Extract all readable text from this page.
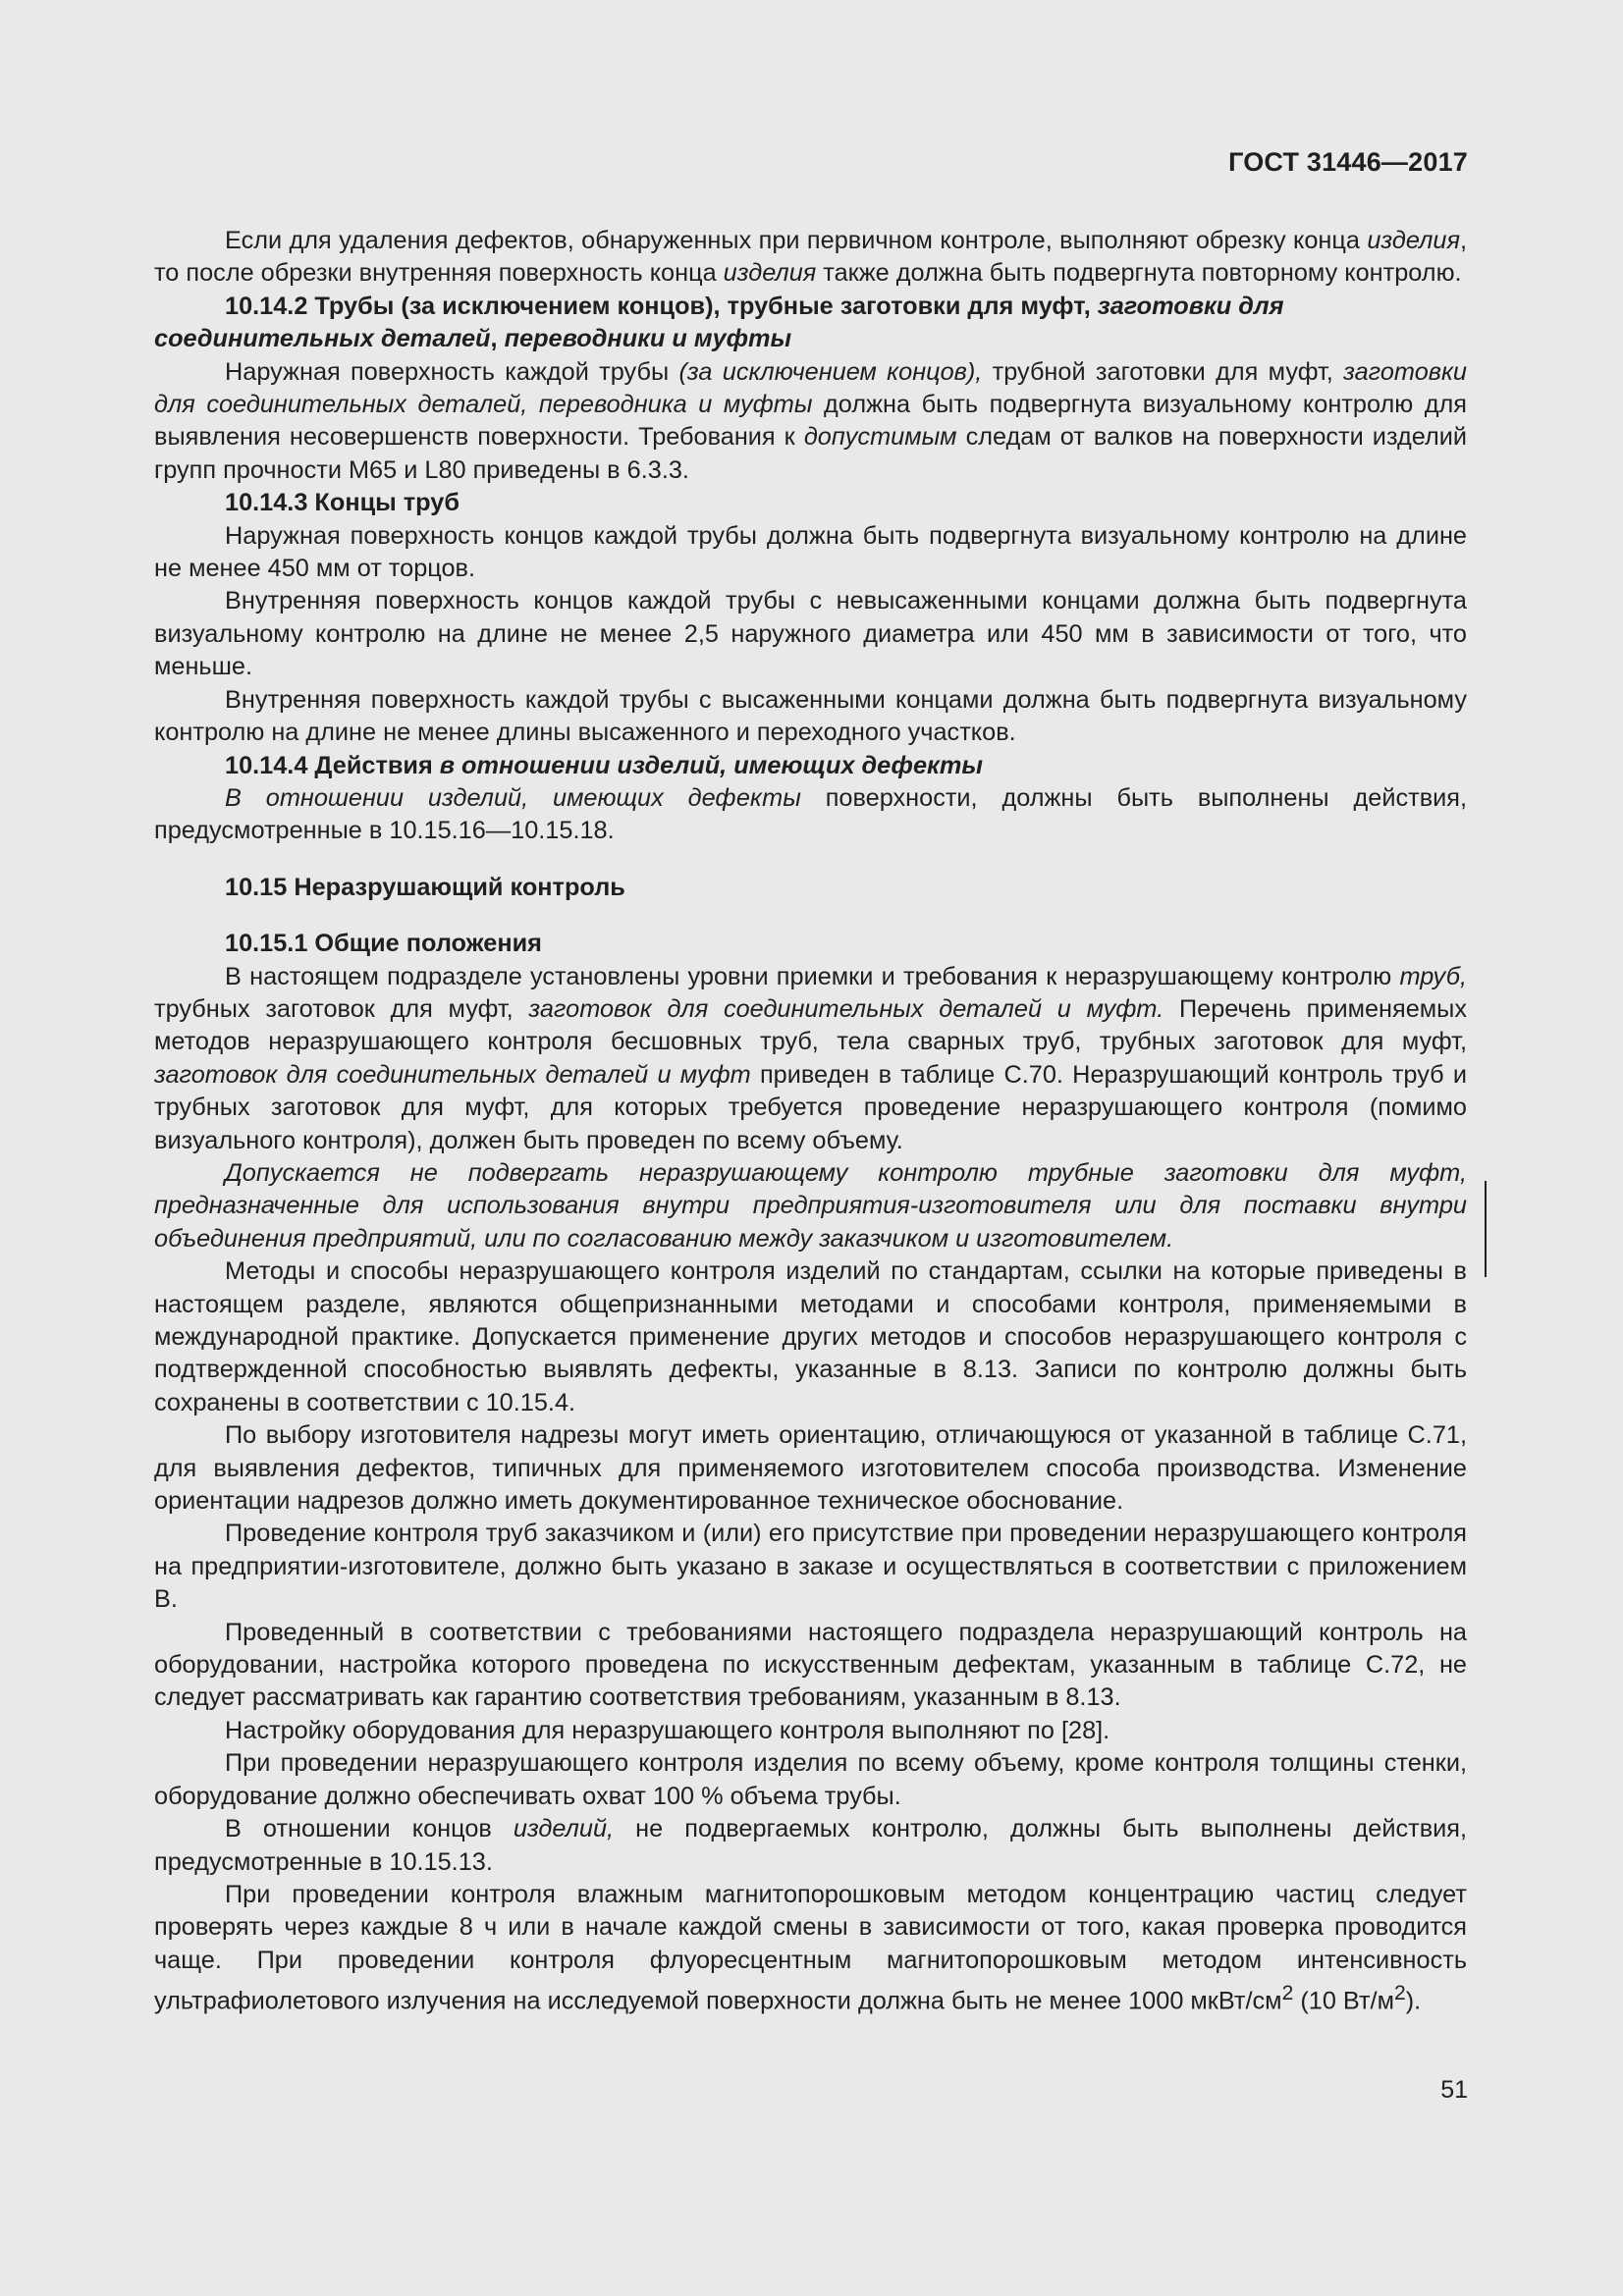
ГОСТ 31446—2017

Если для удаления дефектов, обнаруженных при первичном контроле, выполняют обрезку конца изделия, то после обрезки внутренняя поверхность конца изделия также должна быть подвергнута повторному контролю.

10.14.2 Трубы (за исключением концов), трубные заготовки для муфт, заготовки для соединительных деталей, переводники и муфты

Наружная поверхность каждой трубы (за исключением концов), трубной заготовки для муфт, заготовки для соединительных деталей, переводника и муфты должна быть подвергнута визуальному контролю для выявления несовершенств поверхности. Требования к допустимым следам от валков на поверхности изделий групп прочности M65 и L80 приведены в 6.3.3.

10.14.3 Концы труб

Наружная поверхность концов каждой трубы должна быть подвергнута визуальному контролю на длине не менее 450 мм от торцов.

Внутренняя поверхность концов каждой трубы с невысаженными концами должна быть подвергнута визуальному контролю на длине не менее 2,5 наружного диаметра или 450 мм в зависимости от того, что меньше.

Внутренняя поверхность каждой трубы с высаженными концами должна быть подвергнута визуальному контролю на длине не менее длины высаженного и переходного участков.

10.14.4 Действия в отношении изделий, имеющих дефекты

В отношении изделий, имеющих дефекты поверхности, должны быть выполнены действия, предусмотренные в 10.15.16—10.15.18.

10.15 Неразрушающий контроль

10.15.1 Общие положения

В настоящем подразделе установлены уровни приемки и требования к неразрушающему контролю труб, трубных заготовок для муфт, заготовок для соединительных деталей и муфт. Перечень применяемых методов неразрушающего контроля бесшовных труб, тела сварных труб, трубных заготовок для муфт, заготовок для соединительных деталей и муфт приведен в таблице С.70. Неразрушающий контроль труб и трубных заготовок для муфт, для которых требуется проведение неразрушающего контроля (помимо визуального контроля), должен быть проведен по всему объему.

Допускается не подвергать неразрушающему контролю трубные заготовки для муфт, предназначенные для использования внутри предприятия-изготовителя или для поставки внутри объединения предприятий, или по согласованию между заказчиком и изготовителем.

Методы и способы неразрушающего контроля изделий по стандартам, ссылки на которые приведены в настоящем разделе, являются общепризнанными методами и способами контроля, применяемыми в международной практике. Допускается применение других методов и способов неразрушающего контроля с подтвержденной способностью выявлять дефекты, указанные в 8.13. Записи по контролю должны быть сохранены в соответствии с 10.15.4.

По выбору изготовителя надрезы могут иметь ориентацию, отличающуюся от указанной в таблице С.71, для выявления дефектов, типичных для применяемого изготовителем способа производства. Изменение ориентации надрезов должно иметь документированное техническое обоснование.

Проведение контроля труб заказчиком и (или) его присутствие при проведении неразрушающего контроля на предприятии-изготовителе, должно быть указано в заказе и осуществляться в соответствии с приложением В.

Проведенный в соответствии с требованиями настоящего подраздела неразрушающий контроль на оборудовании, настройка которого проведена по искусственным дефектам, указанным в таблице С.72, не следует рассматривать как гарантию соответствия требованиям, указанным в 8.13.

Настройку оборудования для неразрушающего контроля выполняют по [28].

При проведении неразрушающего контроля изделия по всему объему, кроме контроля толщины стенки, оборудование должно обеспечивать охват 100 % объема трубы.

В отношении концов изделий, не подвергаемых контролю, должны быть выполнены действия, предусмотренные в 10.15.13.

При проведении контроля влажным магнитопорошковым методом концентрацию частиц следует проверять через каждые 8 ч или в начале каждой смены в зависимости от того, какая проверка проводится чаще. При проведении контроля флуоресцентным магнитопорошковым методом интенсивность ультрафиолетового излучения на исследуемой поверхности должна быть не менее 1000 мкВт/$см^2$ (10 $Вт/м^2$).

51
